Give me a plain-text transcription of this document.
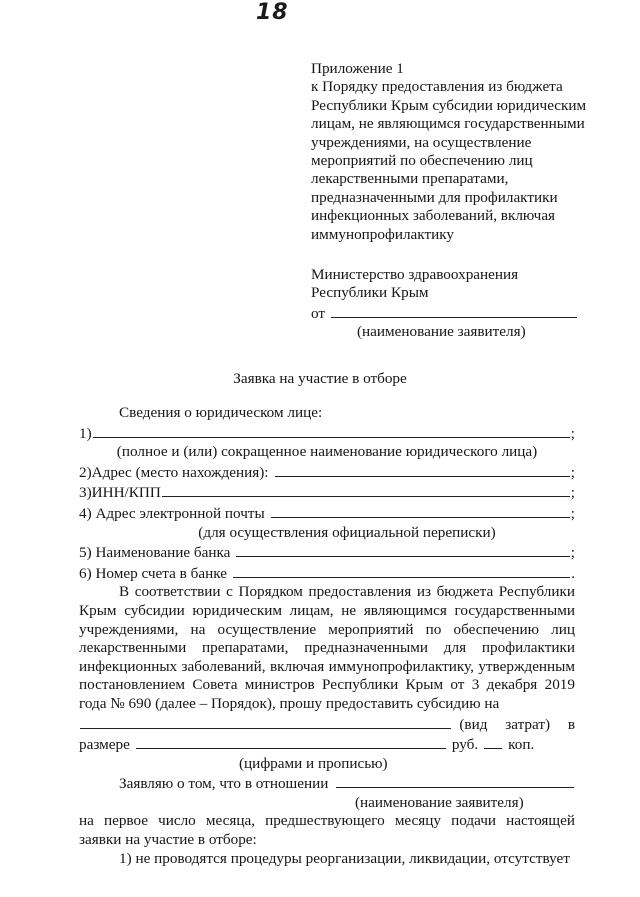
18
Приложение 1
к Порядку предоставления из бюджета
Республики Крым субсидии юридическим
лицам, не являющимся государственными
учреждениями, на осуществление
мероприятий по обеспечению лиц
лекарственными препаратами,
предназначенными для профилактики
инфекционных заболеваний, включая
иммунопрофилактику
Министерство здравоохранения
Республики Крым
от
(наименование заявителя)
Заявка на участие в отборе
Сведения о юридическом лице:
1)	;
(полное и (или) сокращенное наименование юридического лица)
2)Адрес (место нахождения):	;
3)ИНН/КПП	;
4) Адрес электронной почты	;
(для осуществления официальной переписки)
5) Наименование банка	;
6) Номер счета в банке	.
В соответствии с Порядком предоставления из бюджета Республики Крым субсидии юридическим лицам, не являющимся государственными учреждениями, на осуществление мероприятий по обеспечению лиц лекарственными препаратами, предназначенными для профилактики инфекционных заболеваний, включая иммунопрофилактику, утвержденным постановлением Совета министров Республики Крым от 3 декабря 2019 года № 690 (далее – Порядок), прошу предоставить субсидию на
(вид затрат) в
размере	руб. коп.
(цифрами и прописью)
Заявляю о том, что в отношении
(наименование заявителя)
на первое число месяца, предшествующего месяцу подачи настоящей заявки на участие в отборе:
1) не проводятся процедуры реорганизации, ликвидации, отсутствует
